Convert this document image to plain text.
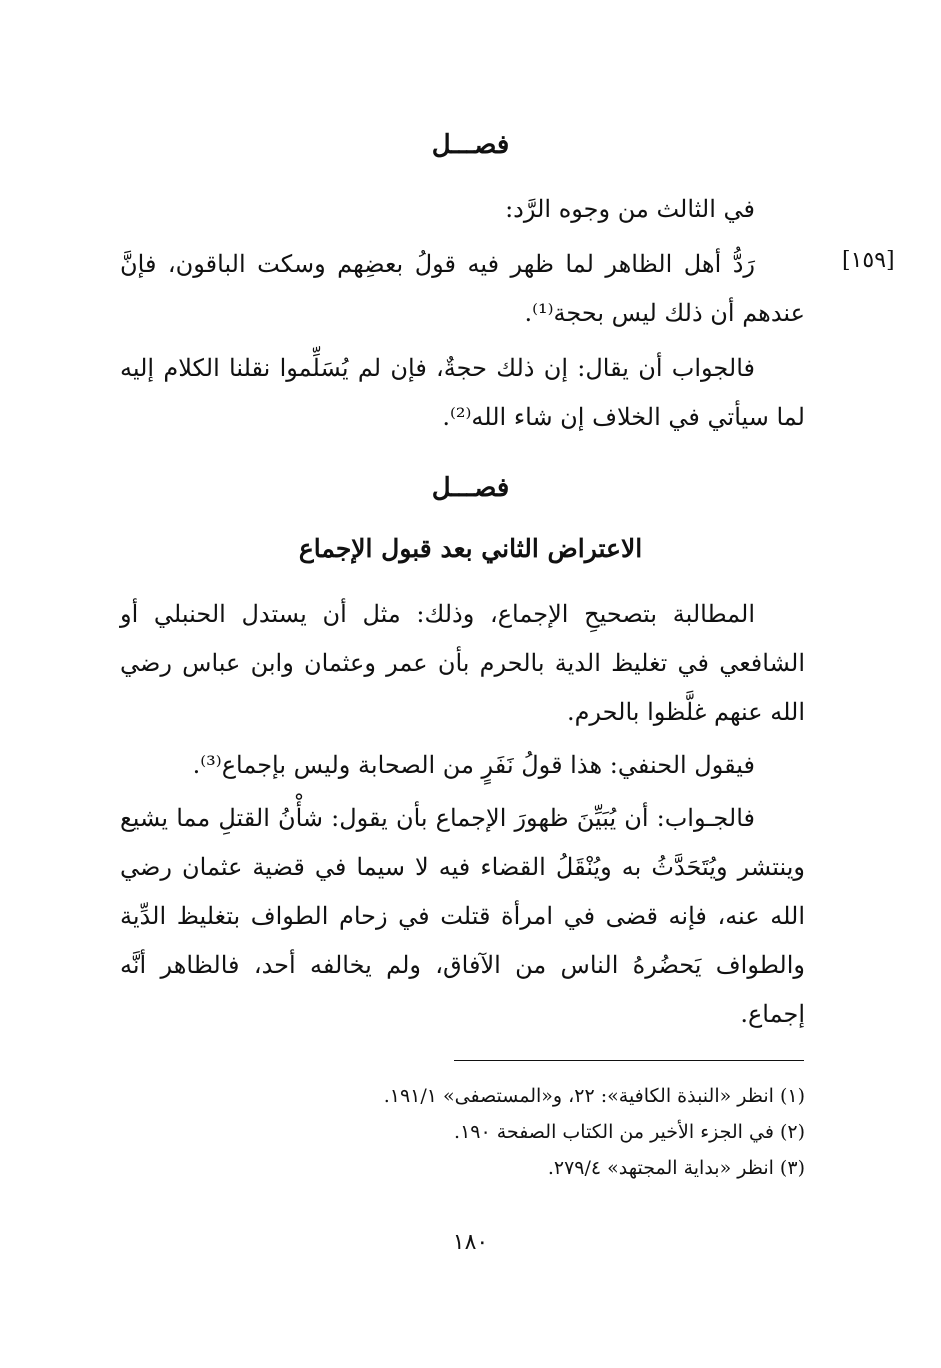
فصـــل
[١٥٩]

في الثالث من وجوه الرَّد:

رَدُّ أهل الظاهر لما ظهر فيه قولُ بعضِهم وسكت الباقون، فإنَّ عندهم أن ذلك ليس بحجة⁽¹⁾.

فالجواب أن يقال: إن ذلك حجةٌ، فإن لم يُسَلِّموا نقلنا الكلام إليه لما سيأتي في الخلاف إن شاء الله⁽²⁾.

فصـــل
الاعتراض الثاني بعد قبول الإجماع

المطالبة بتصحيحِ الإجماع، وذلك: مثل أن يستدل الحنبلي أو الشافعي في تغليظ الدية بالحرم بأن عمر وعثمان وابن عباس رضي الله عنهم غلَّظوا بالحرم.

فيقول الحنفي: هذا قولُ نَفَرٍ من الصحابة وليس بإجماع⁽³⁾.

فالجـواب: أن يُبَيِّنَ ظهورَ الإجماع بأن يقول: شأْنُ القتلِ مما يشيع وينتشر ويُتَحَدَّثُ به ويُنْقَلُ القضاء فيه لا سيما في قضية عثمان رضي الله عنه، فإنه قضى في امرأة قتلت في زحام الطواف بتغليظ الدِّية والطواف يَحضُرهُ الناس من الآفاق، ولم يخالفه أحد، فالظاهر أنَّه إجماع.

(١) انظر «النبذة الكافية»: ٢٢، و«المستصفى» ١٩١/١.

(٢) في الجزء الأخير من الكتاب الصفحة ١٩٠.

(٣) انظر «بداية المجتهد» ٢٧٩/٤.

١٨٠
